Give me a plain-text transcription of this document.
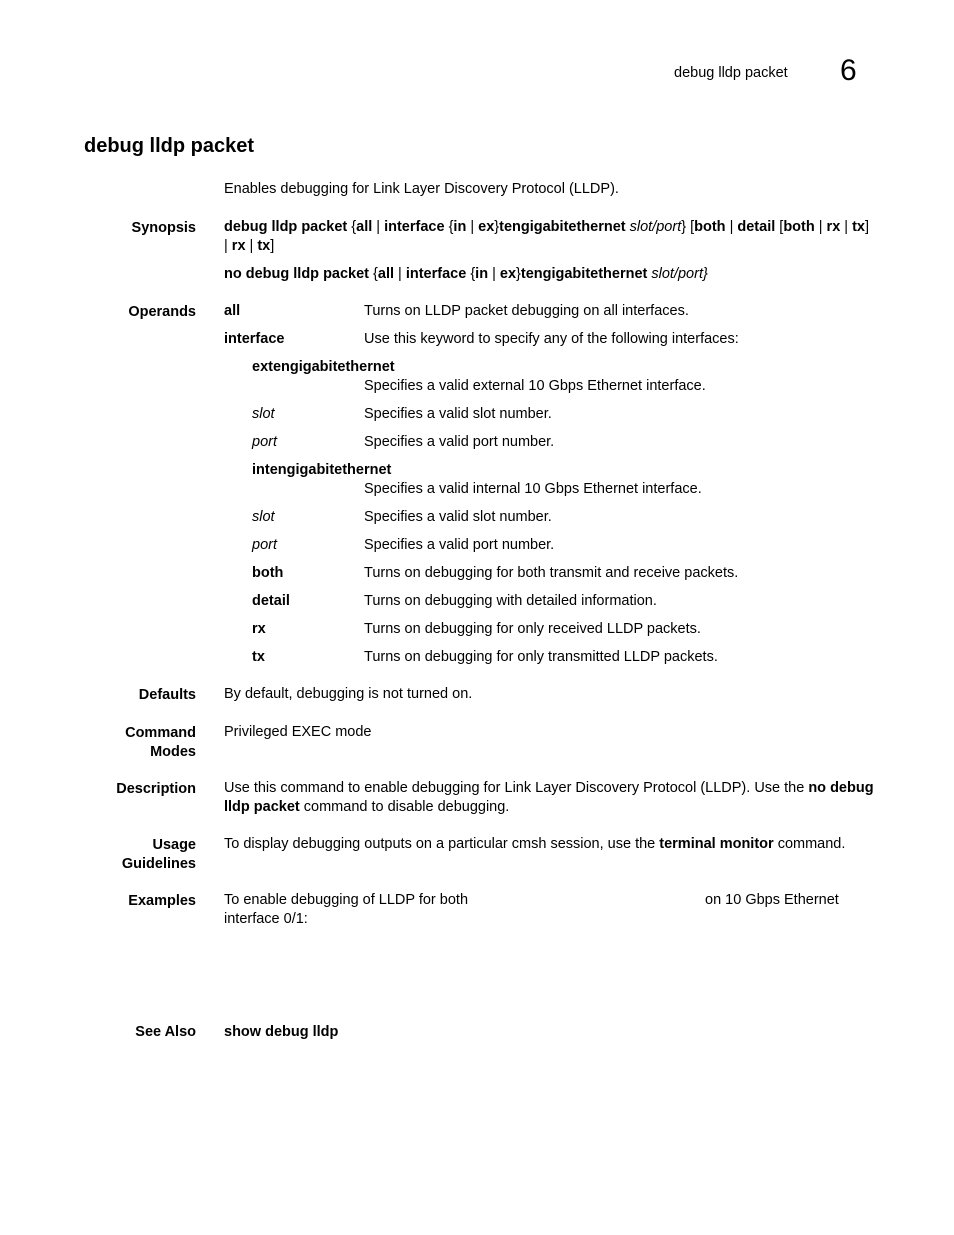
debug lldp packet 6
debug lldp packet
Enables debugging for Link Layer Discovery Protocol (LLDP).
Synopsis debug lldp packet {all | interface {in | ex}tengigabitethernet slot/port} [both | detail [both | rx | tx]
| rx | tx]
no debug lldp packet {all | interface {in | ex}tengigabitethernet slot/port}
Operands all	Turns on LLDP packet debugging on all interfaces.
interface	Use this keyword to specify any of the following interfaces:
extengigabitethernet
Specifies a valid external 10 Gbps Ethernet interface.
slot	Specifies a valid slot number.
port	Specifies a valid port number.
intengigabitethernet
Specifies a valid internal 10 Gbps Ethernet interface.
slot	Specifies a valid slot number.
port	Specifies a valid port number.
both	Turns on debugging for both transmit and receive packets.
detail	Turns on debugging with detailed information.
rx	Turns on debugging for only received LLDP packets.
tx	Turns on debugging for only transmitted LLDP packets.
Defaults By default, debugging is not turned on.
Command
Modes
Privileged EXEC mode
Description Use this command to enable debugging for Link Layer Discovery Protocol (LLDP). Use the no debug
lldp packet command to disable debugging.
Usage
Guidelines
To display debugging outputs on a particular cmsh session, use the terminal monitor command.
Examples To enable debugging of LLDP for both	on 10 Gbps Ethernet
interface 0/1:
See Also show debug lldp
